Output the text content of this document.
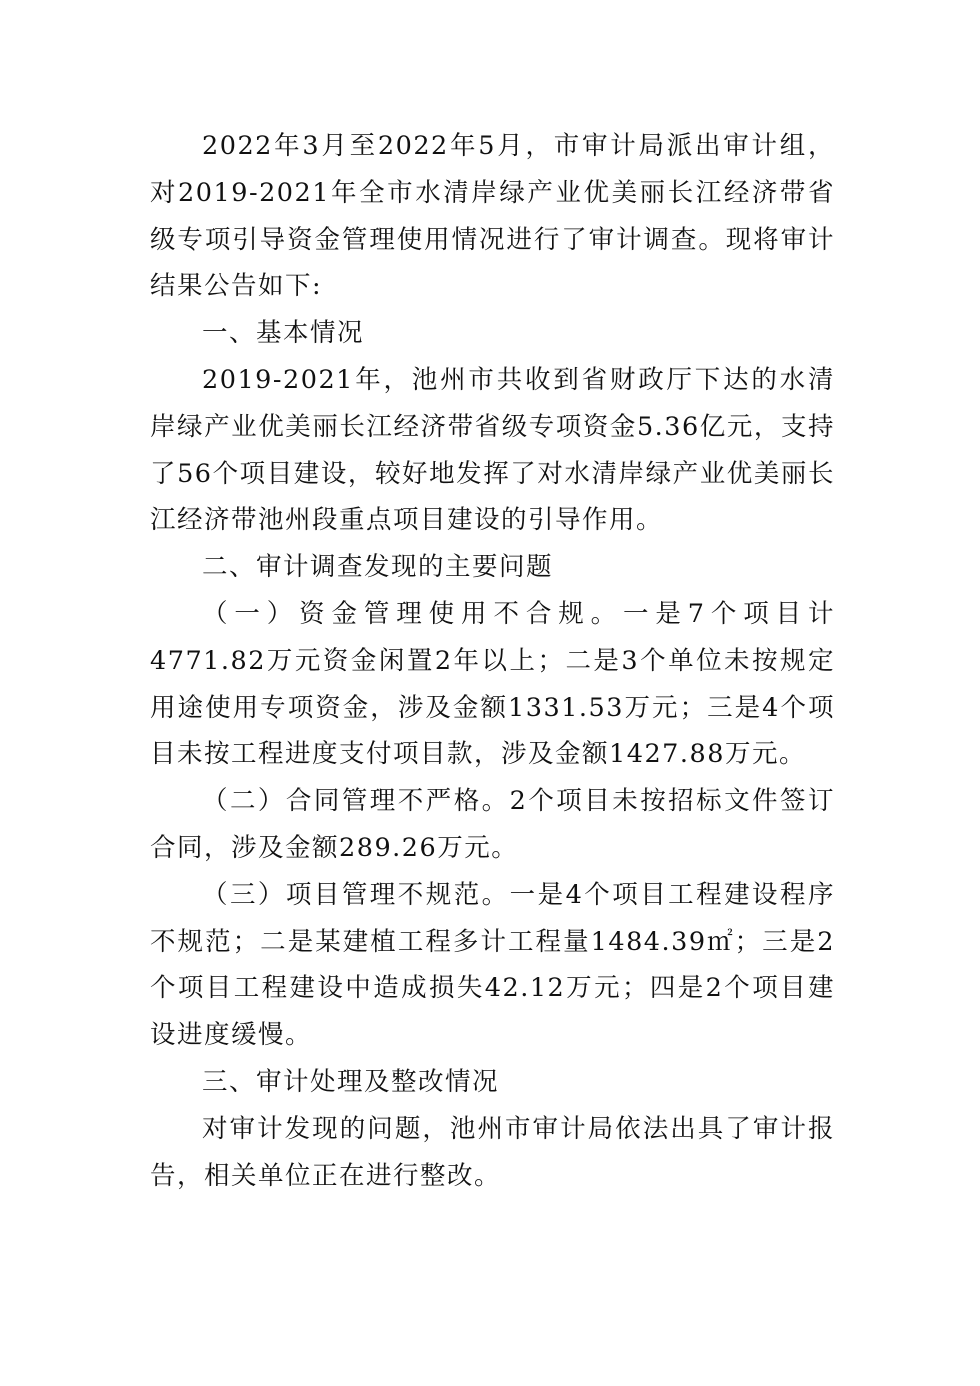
2022年3月至2022年5月，市审计局派出审计组，对2019-2021年全市水清岸绿产业优美丽长江经济带省级专项引导资金管理使用情况进行了审计调查。现将审计结果公告如下:

一、基本情况

2019-2021年，池州市共收到省财政厅下达的水清岸绿产业优美丽长江经济带省级专项资金5.36亿元，支持了56个项目建设，较好地发挥了对水清岸绿产业优美丽长江经济带池州段重点项目建设的引导作用。

二、审计调查发现的主要问题

（一）资金管理使用不合规。一是7个项目计4771.82万元资金闲置2年以上；二是3个单位未按规定用途使用专项资金，涉及金额1331.53万元；三是4个项目未按工程进度支付项目款，涉及金额1427.88万元。

（二）合同管理不严格。2个项目未按招标文件签订合同，涉及金额289.26万元。

（三）项目管理不规范。一是4个项目工程建设程序不规范；二是某建植工程多计工程量1484.39㎡；三是2个项目工程建设中造成损失42.12万元；四是2个项目建设进度缓慢。

三、审计处理及整改情况

对审计发现的问题，池州市审计局依法出具了审计报告，相关单位正在进行整改。
